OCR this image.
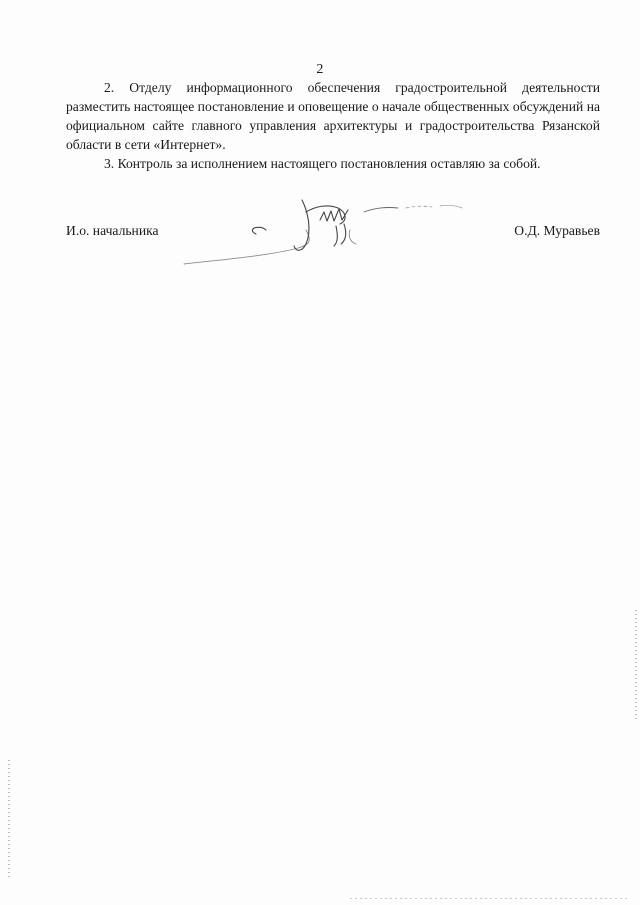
2

2. Отделу информационного обеспечения градостроительной деятельности разместить настоящее постановление и оповещение о начале общественных обсуждений на официальном сайте главного управления архитектуры и градостроительства Рязанской области в сети «Интернет».

3. Контроль за исполнением настоящего постановления оставляю за собой.

И.о. начальника	О.Д. Муравьев
